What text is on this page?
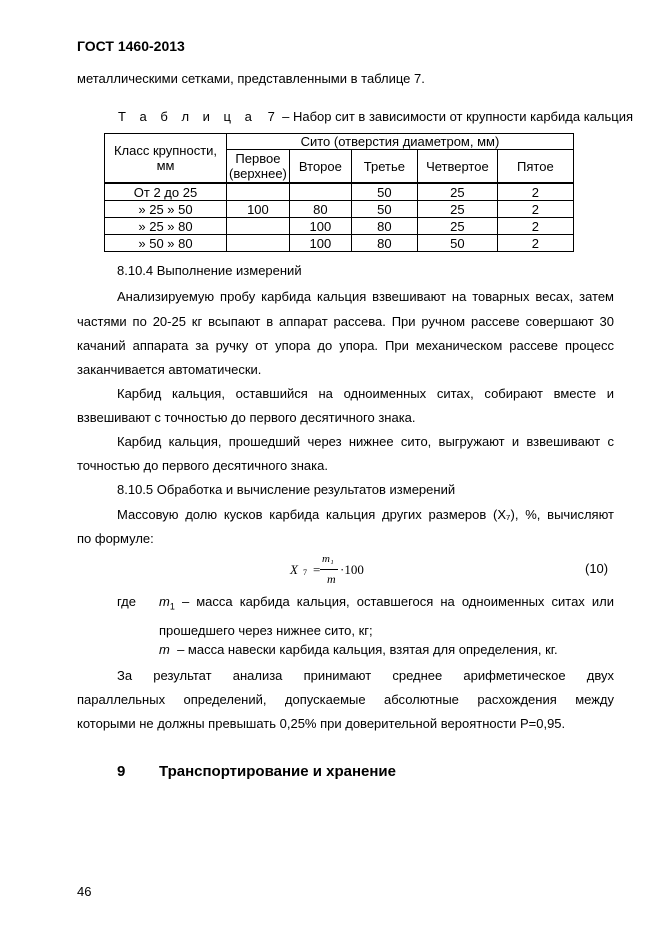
ГОСТ 1460-2013
металлическими сетками, представленными в таблице 7.
Т а б л и ц а 7 – Набор сит в зависимости от крупности карбида кальция
Класс крупности, мм	Сито (отверстия диаметром, мм)				
	Первое (верхнее)	Второе	Третье	Четвертое	Пятое
От 2 до 25			50	25	2
» 25 » 50	100	80	50	25	2
» 25 » 80		100	80	25	2
» 50 » 80		100	80	50	2
8.10.4 Выполнение измерений
Анализируемую пробу карбида кальция взвешивают на товарных весах, затем
частями по 20-25 кг всыпают в аппарат рассева. При ручном рассеве совершают 30
качаний аппарата за ручку от упора до упора. При механическом рассеве процесс
заканчивается автоматически.
Карбид кальция, оставшийся на одноименных ситах, собирают вместе и
взвешивают с точностью до первого десятичного знака.
Карбид кальция, прошедший через нижнее сито, выгружают и взвешивают с
точностью до первого десятичного знака.
8.10.5 Обработка и вычисление результатов измерений
Массовую долю кусков карбида кальция других размеров (X₇), %, вычисляют
по формуле:
X 7 =
m₁
m
·100	(10)
где $m_1$ – масса карбида кальция, оставшегося на одноименных ситах или
прошедшего через нижнее сито, кг;
m – масса навески карбида кальция, взятая для определения, кг.
За результат анализа принимают среднее арифметическое двух
параллельных определений, допускаемые абсолютные расхождения между
которыми не должны превышать 0,25% при доверительной вероятности Р=0,95.
9 Транспортирование и хранение
46
